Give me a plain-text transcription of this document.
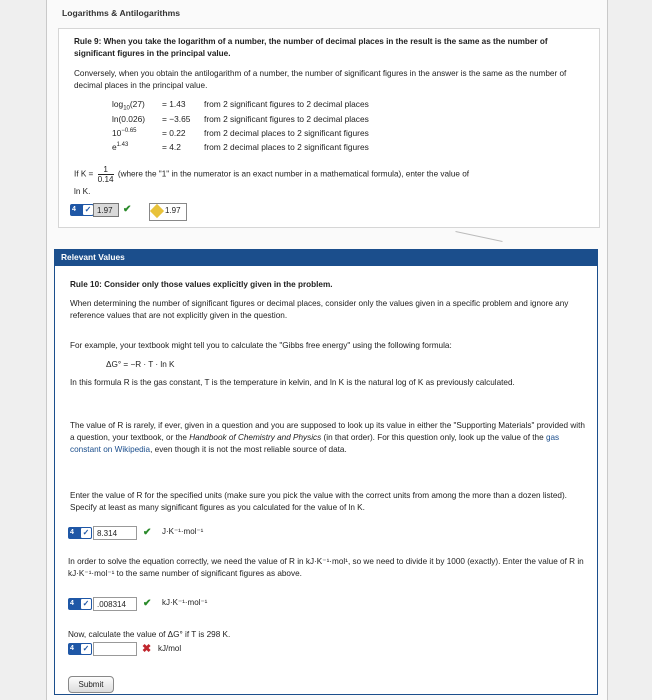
Logarithms & Antilogarithms
Rule 9: When you take the logarithm of a number, the number of decimal places in the result is the same as the number of significant figures in the principal value.
Conversely, when you obtain the antilogarithm of a number, the number of significant figures in the answer is the same as the number of decimal places in the principal value.
$\log_{10}(27) = 1.43$ from 2 significant figures to 2 decimal places
ln(0.026) = −3.65 from 2 significant figures to 2 decimal places
$10^{-0.65}$	= 0.22 from 2 decimal places to 2 significant figures
$e^{1.43}$	= 4.2	from 2 decimal places to 2 significant figures
If $K = \frac{1}{0.14}$ (where the "1" in the numerator is an exact number in a mathematical formula), enter the value of
ln K.
4 ✓ 1.97	✔	1.97
Relevant Values
Rule 10: Consider only those values explicitly given in the problem.
When determining the number of significant figures or decimal places, consider only the values given in a specific problem and ignore any reference values that are not explicitly given in the question.
For example, your textbook might tell you to calculate the "Gibbs free energy" using the following formula:
ΔG° = −R · T · ln K
In this formula R is the gas constant, T is the temperature in kelvin, and ln K is the natural log of K as previously calculated.
The value of R is rarely, if ever, given in a question and you are supposed to look up its value in either the "Supporting Materials" provided with a question, your textbook, or the Handbook of Chemistry and Physics (in that order). For this question only, look up the value of the gas constant on Wikipedia, even though it is not the most reliable source of data.
Enter the value of R for the specified units (make sure you pick the value with the correct units from among the more than a dozen listed). Specify at least as many significant figures as you calculated for the value of ln K.
4 ✓ 8.314	✔ J·K⁻¹·mol⁻¹
In order to solve the equation correctly, we need the value of R in kJ·K⁻¹·mol¹, so we need to divide it by 1000 (exactly). Enter the value of R in kJ·K⁻¹·mol⁻¹ to the same number of significant figures as above.
4 ✓ .008314	✔ kJ·K⁻¹·mol⁻¹
Now, calculate the value of ΔG° if T is 298 K.
4 ✓	✖ kJ/mol
Submit
